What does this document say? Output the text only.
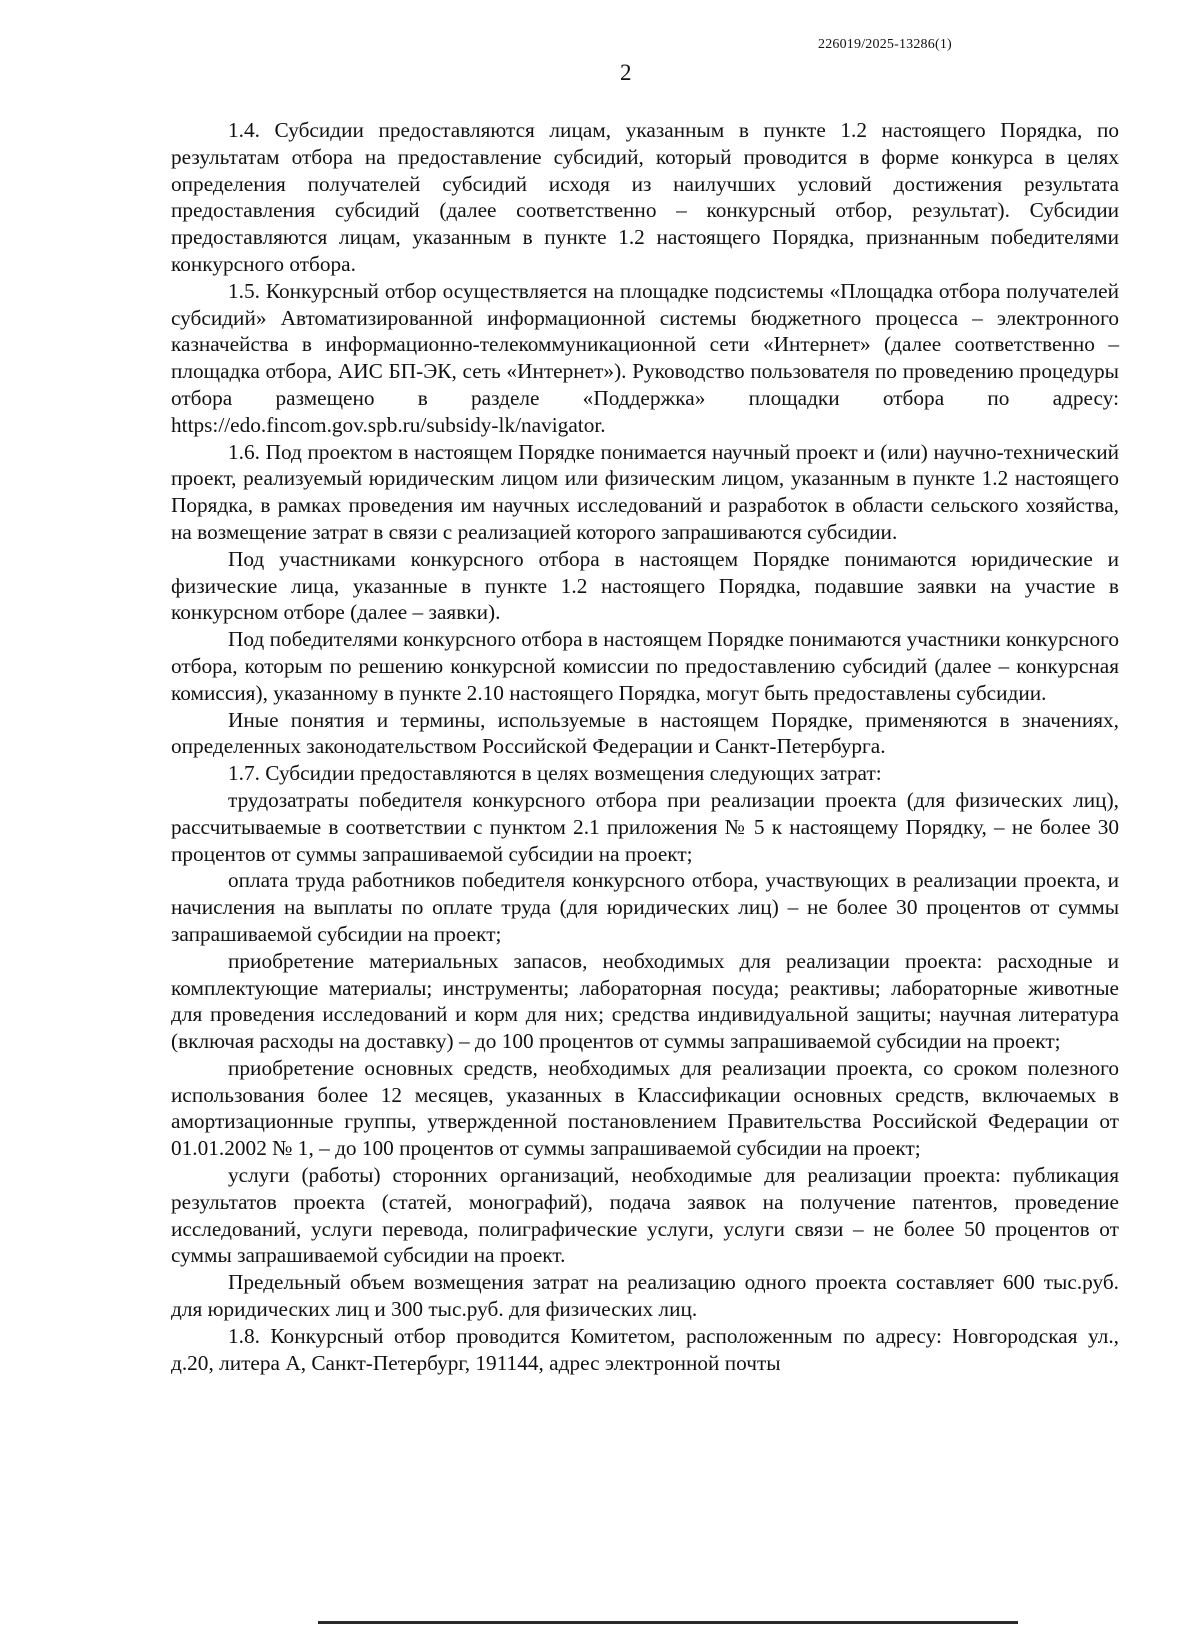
226019/2025-13286(1)
2

1.4. Субсидии предоставляются лицам, указанным в пункте 1.2 настоящего Порядка, по результатам отбора на предоставление субсидий, который проводится в форме конкурса в целях определения получателей субсидий исходя из наилучших условий достижения результата предоставления субсидий (далее соответственно – конкурсный отбор, результат). Субсидии предоставляются лицам, указанным в пункте 1.2 настоящего Порядка, признанным победителями конкурсного отбора.

1.5. Конкурсный отбор осуществляется на площадке подсистемы «Площадка отбора получателей субсидий» Автоматизированной информационной системы бюджетного процесса – электронного казначейства в информационно-телекоммуникационной сети «Интернет» (далее соответственно – площадка отбора, АИС БП-ЭК, сеть «Интернет»). Руководство пользователя по проведению процедуры отбора размещено в разделе «Поддержка» площадки отбора по адресу: https://edo.fincom.gov.spb.ru/subsidy-lk/navigator.

1.6. Под проектом в настоящем Порядке понимается научный проект и (или) научно-технический проект, реализуемый юридическим лицом или физическим лицом, указанным в пункте 1.2 настоящего Порядка, в рамках проведения им научных исследований и разработок в области сельского хозяйства, на возмещение затрат в связи с реализацией которого запрашиваются субсидии.

Под участниками конкурсного отбора в настоящем Порядке понимаются юридические и физические лица, указанные в пункте 1.2 настоящего Порядка, подавшие заявки на участие в конкурсном отборе (далее – заявки).

Под победителями конкурсного отбора в настоящем Порядке понимаются участники конкурсного отбора, которым по решению конкурсной комиссии по предоставлению субсидий (далее – конкурсная комиссия), указанному в пункте 2.10 настоящего Порядка, могут быть предоставлены субсидии.

Иные понятия и термины, используемые в настоящем Порядке, применяются в значениях, определенных законодательством Российской Федерации и Санкт-Петербурга.

1.7. Субсидии предоставляются в целях возмещения следующих затрат:

трудозатраты победителя конкурсного отбора при реализации проекта (для физических лиц), рассчитываемые в соответствии с пунктом 2.1 приложения № 5 к настоящему Порядку, – не более 30 процентов от суммы запрашиваемой субсидии на проект;

оплата труда работников победителя конкурсного отбора, участвующих в реализации проекта, и начисления на выплаты по оплате труда (для юридических лиц) – не более 30 процентов от суммы запрашиваемой субсидии на проект;

приобретение материальных запасов, необходимых для реализации проекта: расходные и комплектующие материалы; инструменты; лабораторная посуда; реактивы; лабораторные животные для проведения исследований и корм для них; средства индивидуальной защиты; научная литература (включая расходы на доставку) – до 100 процентов от суммы запрашиваемой субсидии на проект;

приобретение основных средств, необходимых для реализации проекта, со сроком полезного использования более 12 месяцев, указанных в Классификации основных средств, включаемых в амортизационные группы, утвержденной постановлением Правительства Российской Федерации от 01.01.2002 № 1, – до 100 процентов от суммы запрашиваемой субсидии на проект;

услуги (работы) сторонних организаций, необходимые для реализации проекта: публикация результатов проекта (статей, монографий), подача заявок на получение патентов, проведение исследований, услуги перевода, полиграфические услуги, услуги связи – не более 50 процентов от суммы запрашиваемой субсидии на проект.

Предельный объем возмещения затрат на реализацию одного проекта составляет 600 тыс.руб. для юридических лиц и 300 тыс.руб. для физических лиц.

1.8. Конкурсный отбор проводится Комитетом, расположенным по адресу: Новгородская ул., д.20, литера А, Санкт-Петербург, 191144, адрес электронной почты
